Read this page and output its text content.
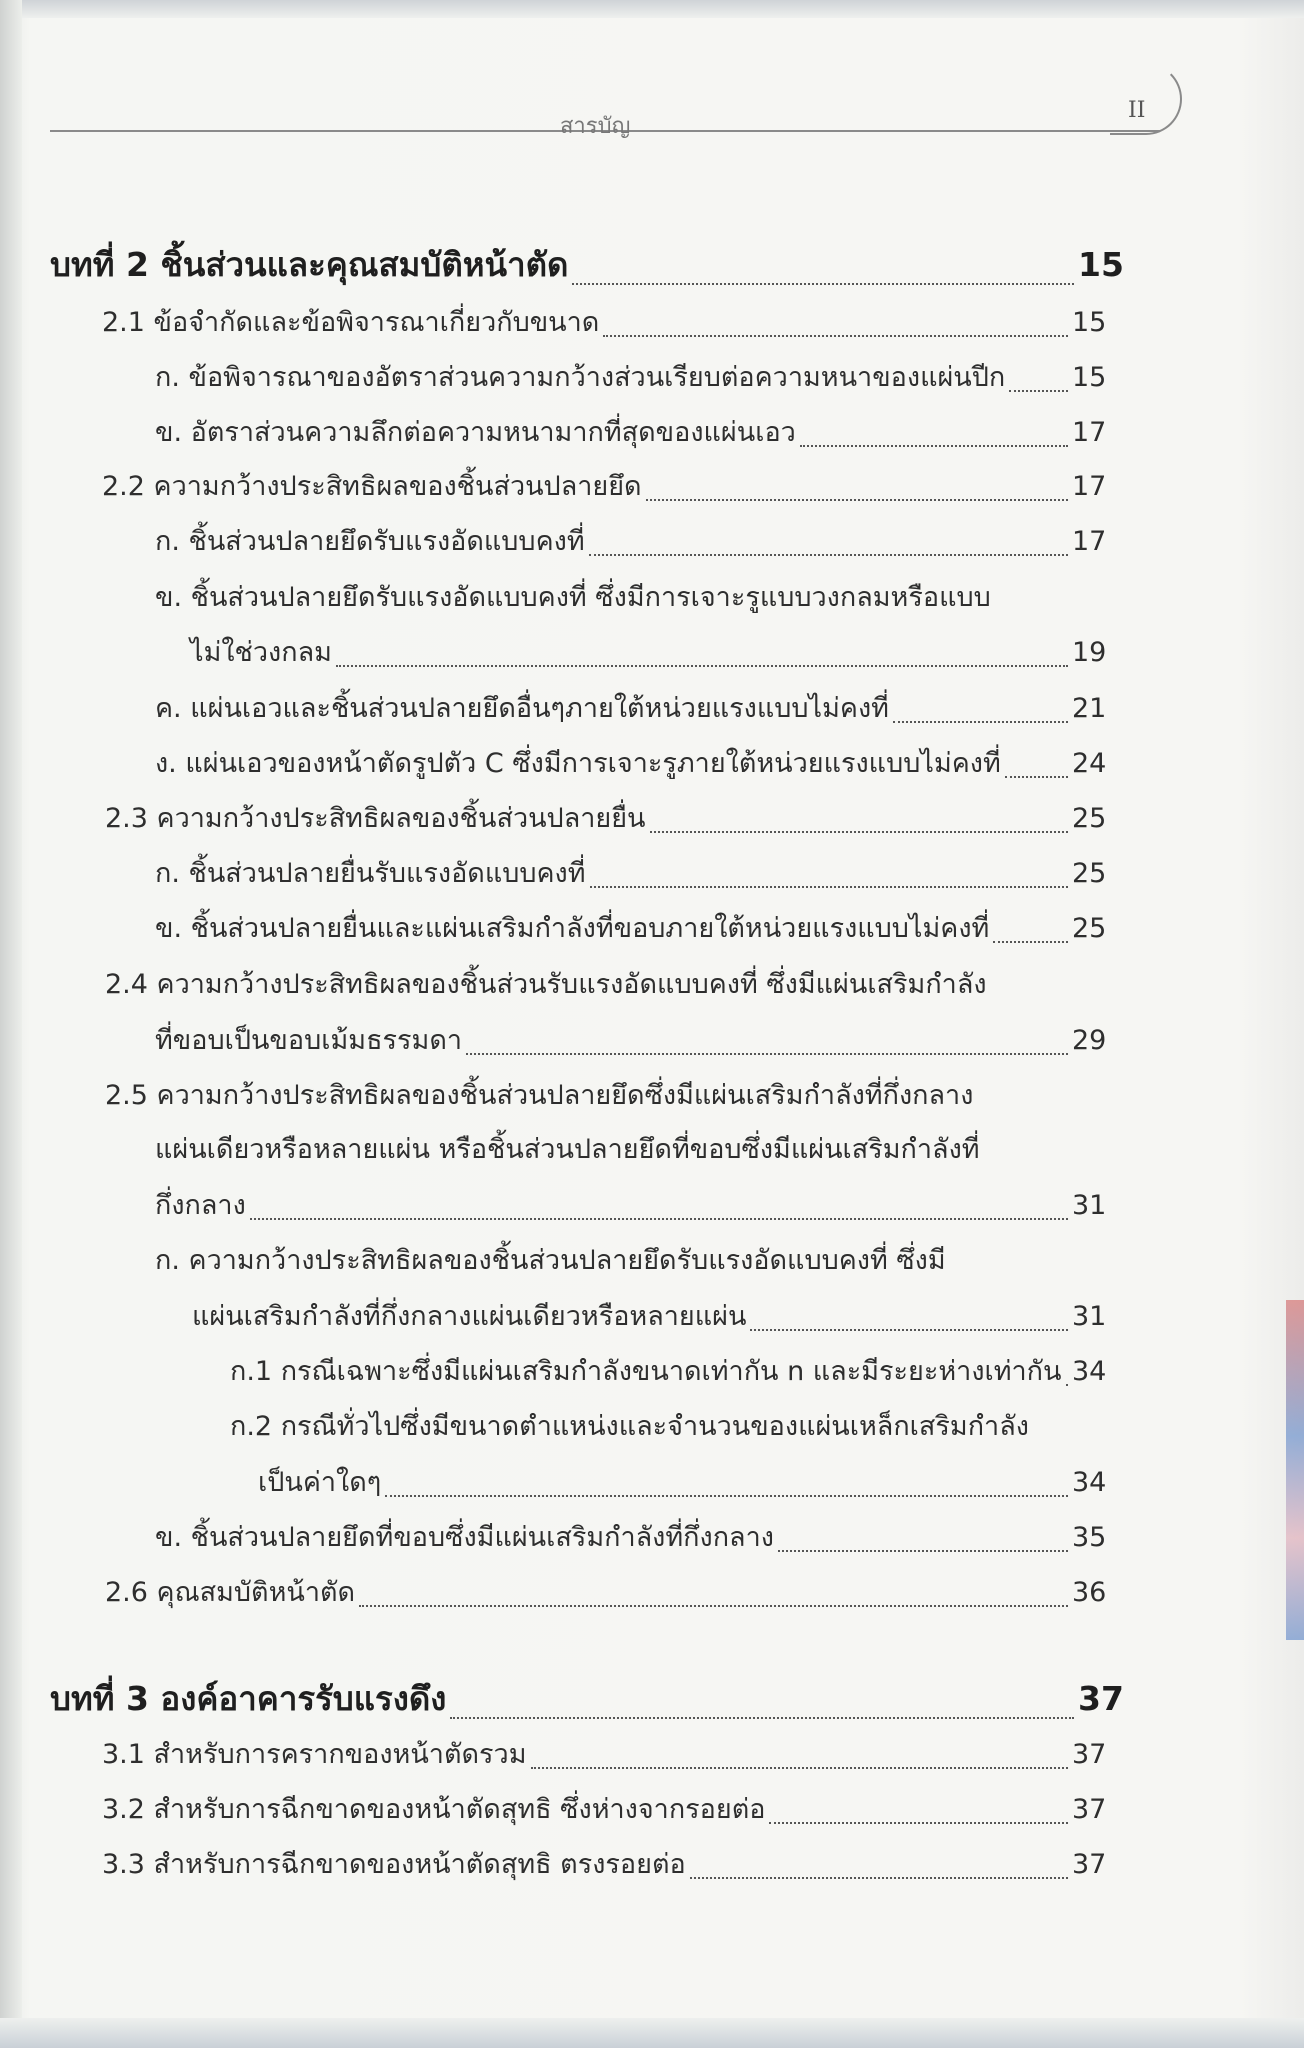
สารบัญ
II
บทที่ 2 ชิ้นส่วนและคุณสมบัติหน้าตัด	15
2.1 ข้อจำกัดและข้อพิจารณาเกี่ยวกับขนาด	15
ก. ข้อพิจารณาของอัตราส่วนความกว้างส่วนเรียบต่อความหนาของแผ่นปีก 15
ข. อัตราส่วนความลึกต่อความหนามากที่สุดของแผ่นเอว	17
2.2 ความกว้างประสิทธิผลของชิ้นส่วนปลายยึด	17
ก. ชิ้นส่วนปลายยึดรับแรงอัดแบบคงที่	17
ข. ชิ้นส่วนปลายยึดรับแรงอัดแบบคงที่ ซึ่งมีการเจาะรูแบบวงกลมหรือแบบ
ไม่ใช่วงกลม	19
ค. แผ่นเอวและชิ้นส่วนปลายยึดอื่นๆภายใต้หน่วยแรงแบบไม่คงที่	21
ง. แผ่นเอวของหน้าตัดรูปตัว C ซึ่งมีการเจาะรูภายใต้หน่วยแรงแบบไม่คงที่	24
2.3 ความกว้างประสิทธิผลของชิ้นส่วนปลายยื่น	25
ก. ชิ้นส่วนปลายยื่นรับแรงอัดแบบคงที่	25
ข. ชิ้นส่วนปลายยื่นและแผ่นเสริมกำลังที่ขอบภายใต้หน่วยแรงแบบไม่คงที่	25
2.4 ความกว้างประสิทธิผลของชิ้นส่วนรับแรงอัดแบบคงที่ ซึ่งมีแผ่นเสริมกำลัง
ที่ขอบเป็นขอบเม้มธรรมดา	29
2.5 ความกว้างประสิทธิผลของชิ้นส่วนปลายยึดซึ่งมีแผ่นเสริมกำลังที่กึ่งกลาง
แผ่นเดียวหรือหลายแผ่น หรือชิ้นส่วนปลายยึดที่ขอบซึ่งมีแผ่นเสริมกำลังที่
กึ่งกลาง	31
ก. ความกว้างประสิทธิผลของชิ้นส่วนปลายยึดรับแรงอัดแบบคงที่ ซึ่งมี
แผ่นเสริมกำลังที่กึ่งกลางแผ่นเดียวหรือหลายแผ่น	31
ก.1 กรณีเฉพาะซึ่งมีแผ่นเสริมกำลังขนาดเท่ากัน n และมีระยะห่างเท่ากัน 34
ก.2 กรณีทั่วไปซึ่งมีขนาดตำแหน่งและจำนวนของแผ่นเหล็กเสริมกำลัง
เป็นค่าใดๆ	34
ข. ชิ้นส่วนปลายยึดที่ขอบซึ่งมีแผ่นเสริมกำลังที่กึ่งกลาง	35
2.6 คุณสมบัติหน้าตัด	36
บทที่ 3 องค์อาคารรับแรงดึง	37
3.1 สำหรับการครากของหน้าตัดรวม	37
3.2 สำหรับการฉีกขาดของหน้าตัดสุทธิ ซึ่งห่างจากรอยต่อ	37
3.3 สำหรับการฉีกขาดของหน้าตัดสุทธิ ตรงรอยต่อ	37
